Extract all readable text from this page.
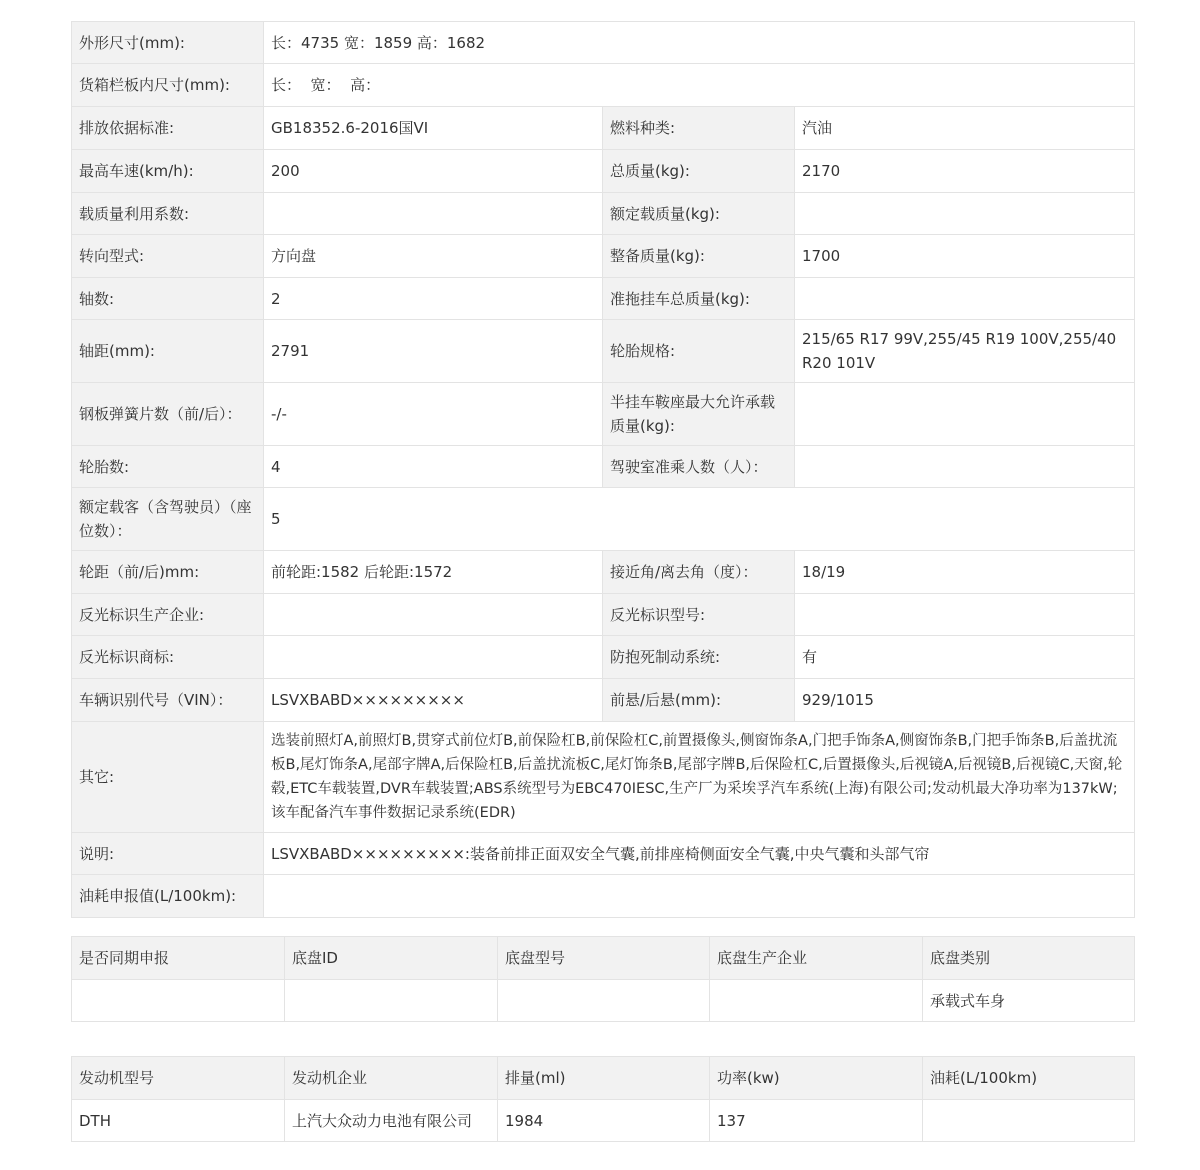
外形尺寸(mm):	长：4735 宽：1859 高：1682		
货箱栏板内尺寸(mm):	长：  宽：  高：		
排放依据标准:	GB18352.6-2016国VI	燃料种类:	汽油
最高车速(km/h):	200	总质量(kg):	2170
载质量利用系数:		额定载质量(kg):	
转向型式:	方向盘	整备质量(kg):	1700
轴数:	2	准拖挂车总质量(kg):	
轴距(mm):	2791	轮胎规格:	215/65 R17 99V,255/45 R19 100V,255/40 R20 101V
钢板弹簧片数（前/后）：	-/-	半挂车鞍座最大允许承载质量(kg):	
轮胎数:	4	驾驶室准乘人数（人）：	
额定载客（含驾驶员）（座位数）：	5		
轮距（前/后)mm:	前轮距:1582 后轮距:1572	接近角/离去角（度）：	18/19
反光标识生产企业:		反光标识型号:	
反光标识商标:		防抱死制动系统:	有
车辆识别代号（VIN）：	LSVXBABD×××××××××	前悬/后悬(mm):	929/1015
其它:	选装前照灯A,前照灯B,贯穿式前位灯B,前保险杠B,前保险杠C,前置摄像头,侧窗饰条A,门把手饰条A,侧窗饰条B,门把手饰条B,后盖扰流板B,尾灯饰条A,尾部字牌A,后保险杠B,后盖扰流板C,尾灯饰条B,尾部字牌B,后保险杠C,后置摄像头,后视镜A,后视镜B,后视镜C,天窗,轮毂,ETC车载装置,DVR车载装置;ABS系统型号为EBC470IESC,生产厂为采埃孚汽车系统(上海)有限公司;发动机最大净功率为137kW;该车配备汽车事件数据记录系统(EDR)		
说明:	LSVXBABD×××××××××:装备前排正面双安全气囊,前排座椅侧面安全气囊,中央气囊和头部气帘		
油耗申报值(L/100km):			
是否同期申报	底盘ID	底盘型号	底盘生产企业	底盘类别
				承载式车身
发动机型号	发动机企业	排量(ml)	功率(kw)	油耗(L/100km)
DTH	上汽大众动力电池有限公司	1984	137	
